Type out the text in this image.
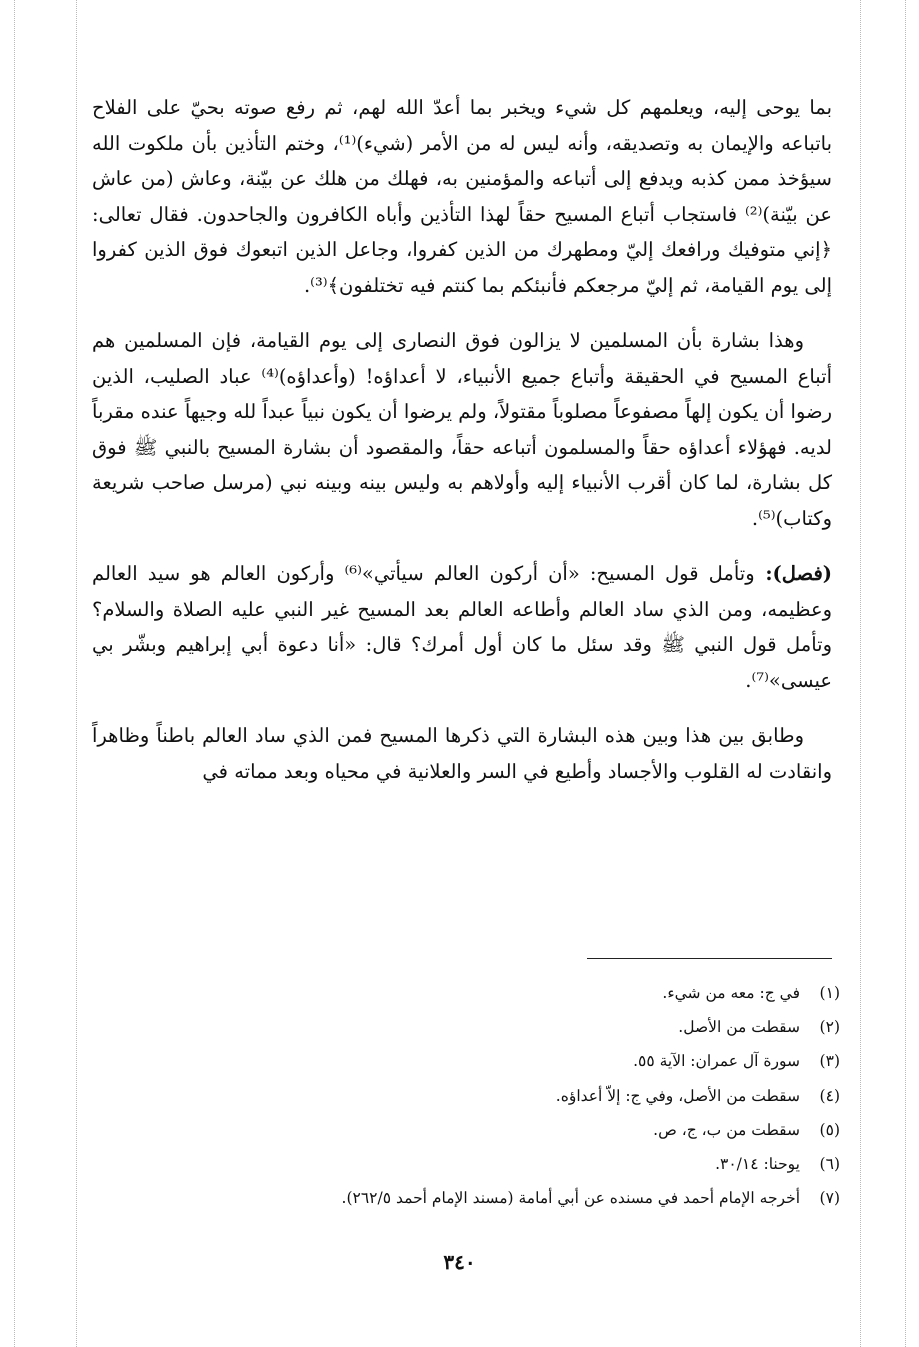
بما يوحى إليه، ويعلمهم كل شيء ويخبر بما أعدّ الله لهم، ثم رفع صوته بحيّ على الفلاح باتباعه والإيمان به وتصديقه، وأنه ليس له من الأمر (شيء)⁽¹⁾، وختم التأذين بأن ملكوت الله سيؤخذ ممن كذبه ويدفع إلى أتباعه والمؤمنين به، فهلك من هلك عن بيّنة، وعاش (من عاش عن بيّنة)⁽²⁾ فاستجاب أتباع المسيح حقاً لهذا التأذين وأباه الكافرون والجاحدون. فقال تعالى: ﴿إني متوفيك ورافعك إليّ ومطهرك من الذين كفروا، وجاعل الذين اتبعوك فوق الذين كفروا إلى يوم القيامة، ثم إليّ مرجعكم فأنبئكم بما كنتم فيه تختلفون﴾⁽³⁾.

وهذا بشارة بأن المسلمين لا يزالون فوق النصارى إلى يوم القيامة، فإن المسلمين هم أتباع المسيح في الحقيقة وأتباع جميع الأنبياء، لا أعداؤه! (وأعداؤه)⁽⁴⁾ عباد الصليب، الذين رضوا أن يكون إلهاً مصفوعاً مصلوباً مقتولاً، ولم يرضوا أن يكون نبياً عبداً لله وجيهاً عنده مقرباً لديه. فهؤلاء أعداؤه حقاً والمسلمون أتباعه حقاً، والمقصود أن بشارة المسيح بالنبي ﷺ فوق كل بشارة، لما كان أقرب الأنبياء إليه وأولاهم به وليس بينه وبينه نبي (مرسل صاحب شريعة وكتاب)⁽⁵⁾.

(فصل): وتأمل قول المسيح: «أن أركون العالم سيأتي»⁽⁶⁾ وأركون العالم هو سيد العالم وعظيمه، ومن الذي ساد العالم وأطاعه العالم بعد المسيح غير النبي عليه الصلاة والسلام؟ وتأمل قول النبي ﷺ وقد سئل ما كان أول أمرك؟ قال: «أنا دعوة أبي إبراهيم وبشّر بي عيسى»⁽⁷⁾.

وطابق بين هذا وبين هذه البشارة التي ذكرها المسيح فمن الذي ساد العالم باطناً وظاهراً وانقادت له القلوب والأجساد وأطيع في السر والعلانية في محياه وبعد مماته في

(١)في ج: معه من شيء.
(٢)سقطت من الأصل.
(٣)سورة آل عمران: الآية ٥٥.
(٤)سقطت من الأصل، وفي ج: إلاّ أعداؤه.
(٥)سقطت من ب، ج، ص.
(٦)يوحنا: ٣٠/١٤.
(٧)أخرجه الإمام أحمد في مسنده عن أبي أمامة (مسند الإمام أحمد ٢٦٢/٥).
٣٤٠
